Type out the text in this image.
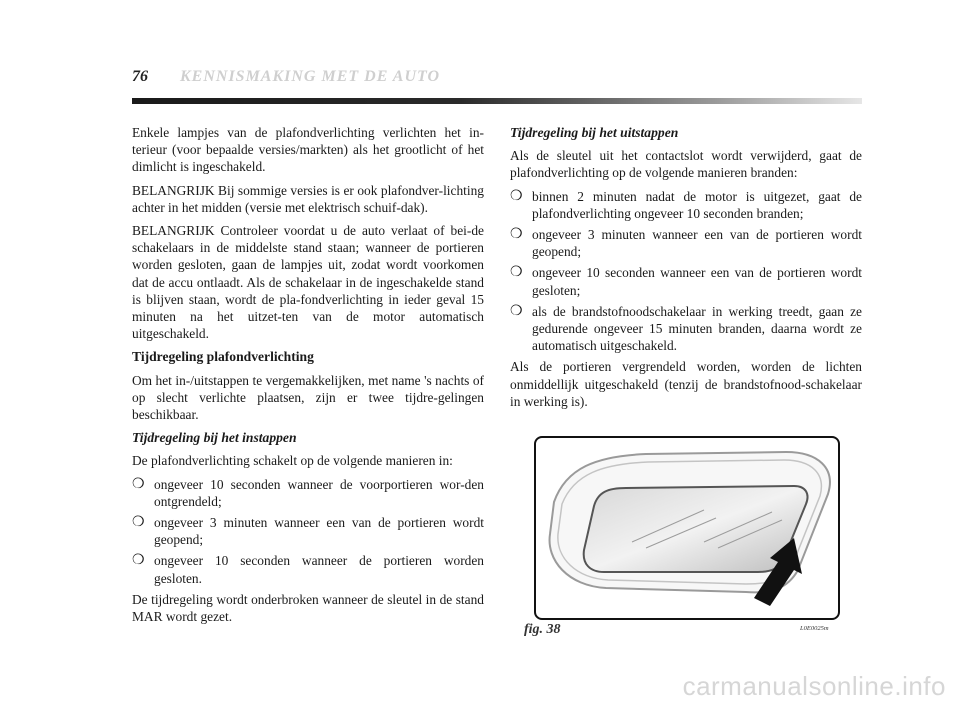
76 KENNISMAKING MET DE AUTO

Enkele lampjes van de plafondverlichting verlichten het in-terieur (voor bepaalde versies/markten) als het grootlicht of het dimlicht is ingeschakeld.

BELANGRIJK Bij sommige versies is er ook plafondver-lichting achter in het midden (versie met elektrisch schuif-dak).

BELANGRIJK Controleer voordat u de auto verlaat of bei-de schakelaars in de middelste stand staan; wanneer de portieren worden gesloten, gaan de lampjes uit, zodat wordt voorkomen dat de accu ontlaadt. Als de schakelaar in de ingeschakelde stand is blijven staan, wordt de pla-fondverlichting in ieder geval 15 minuten na het uitzet-ten van de motor automatisch uitgeschakeld.

Tijdregeling plafondverlichting

Om het in-/uitstappen te vergemakkelijken, met name 's nachts of op slecht verlichte plaatsen, zijn er twee tijdre-gelingen beschikbaar.

Tijdregeling bij het instappen

De plafondverlichting schakelt op de volgende manieren in:

❍ ongeveer 10 seconden wanneer de voorportieren wor-den ontgrendeld;
❍ ongeveer 3 minuten wanneer een van de portieren wordt geopend;
❍ ongeveer 10 seconden wanneer de portieren worden gesloten.

De tijdregeling wordt onderbroken wanneer de sleutel in de stand MAR wordt gezet.

Tijdregeling bij het uitstappen

Als de sleutel uit het contactslot wordt verwijderd, gaat de plafondverlichting op de volgende manieren branden:

❍ binnen 2 minuten nadat de motor is uitgezet, gaat de plafondverlichting ongeveer 10 seconden branden;
❍ ongeveer 3 minuten wanneer een van de portieren wordt geopend;
❍ ongeveer 10 seconden wanneer een van de portieren wordt gesloten;
❍ als de brandstofnoodschakelaar in werking treedt, gaan ze gedurende ongeveer 15 minuten branden, daarna wordt ze automatisch uitgeschakeld.

Als de portieren vergrendeld worden, worden de lichten onmiddellijk uitgeschakeld (tenzij de brandstofnood-schakelaar in werking is).

fig. 38	L0E0025m
carmanualsonline.info
